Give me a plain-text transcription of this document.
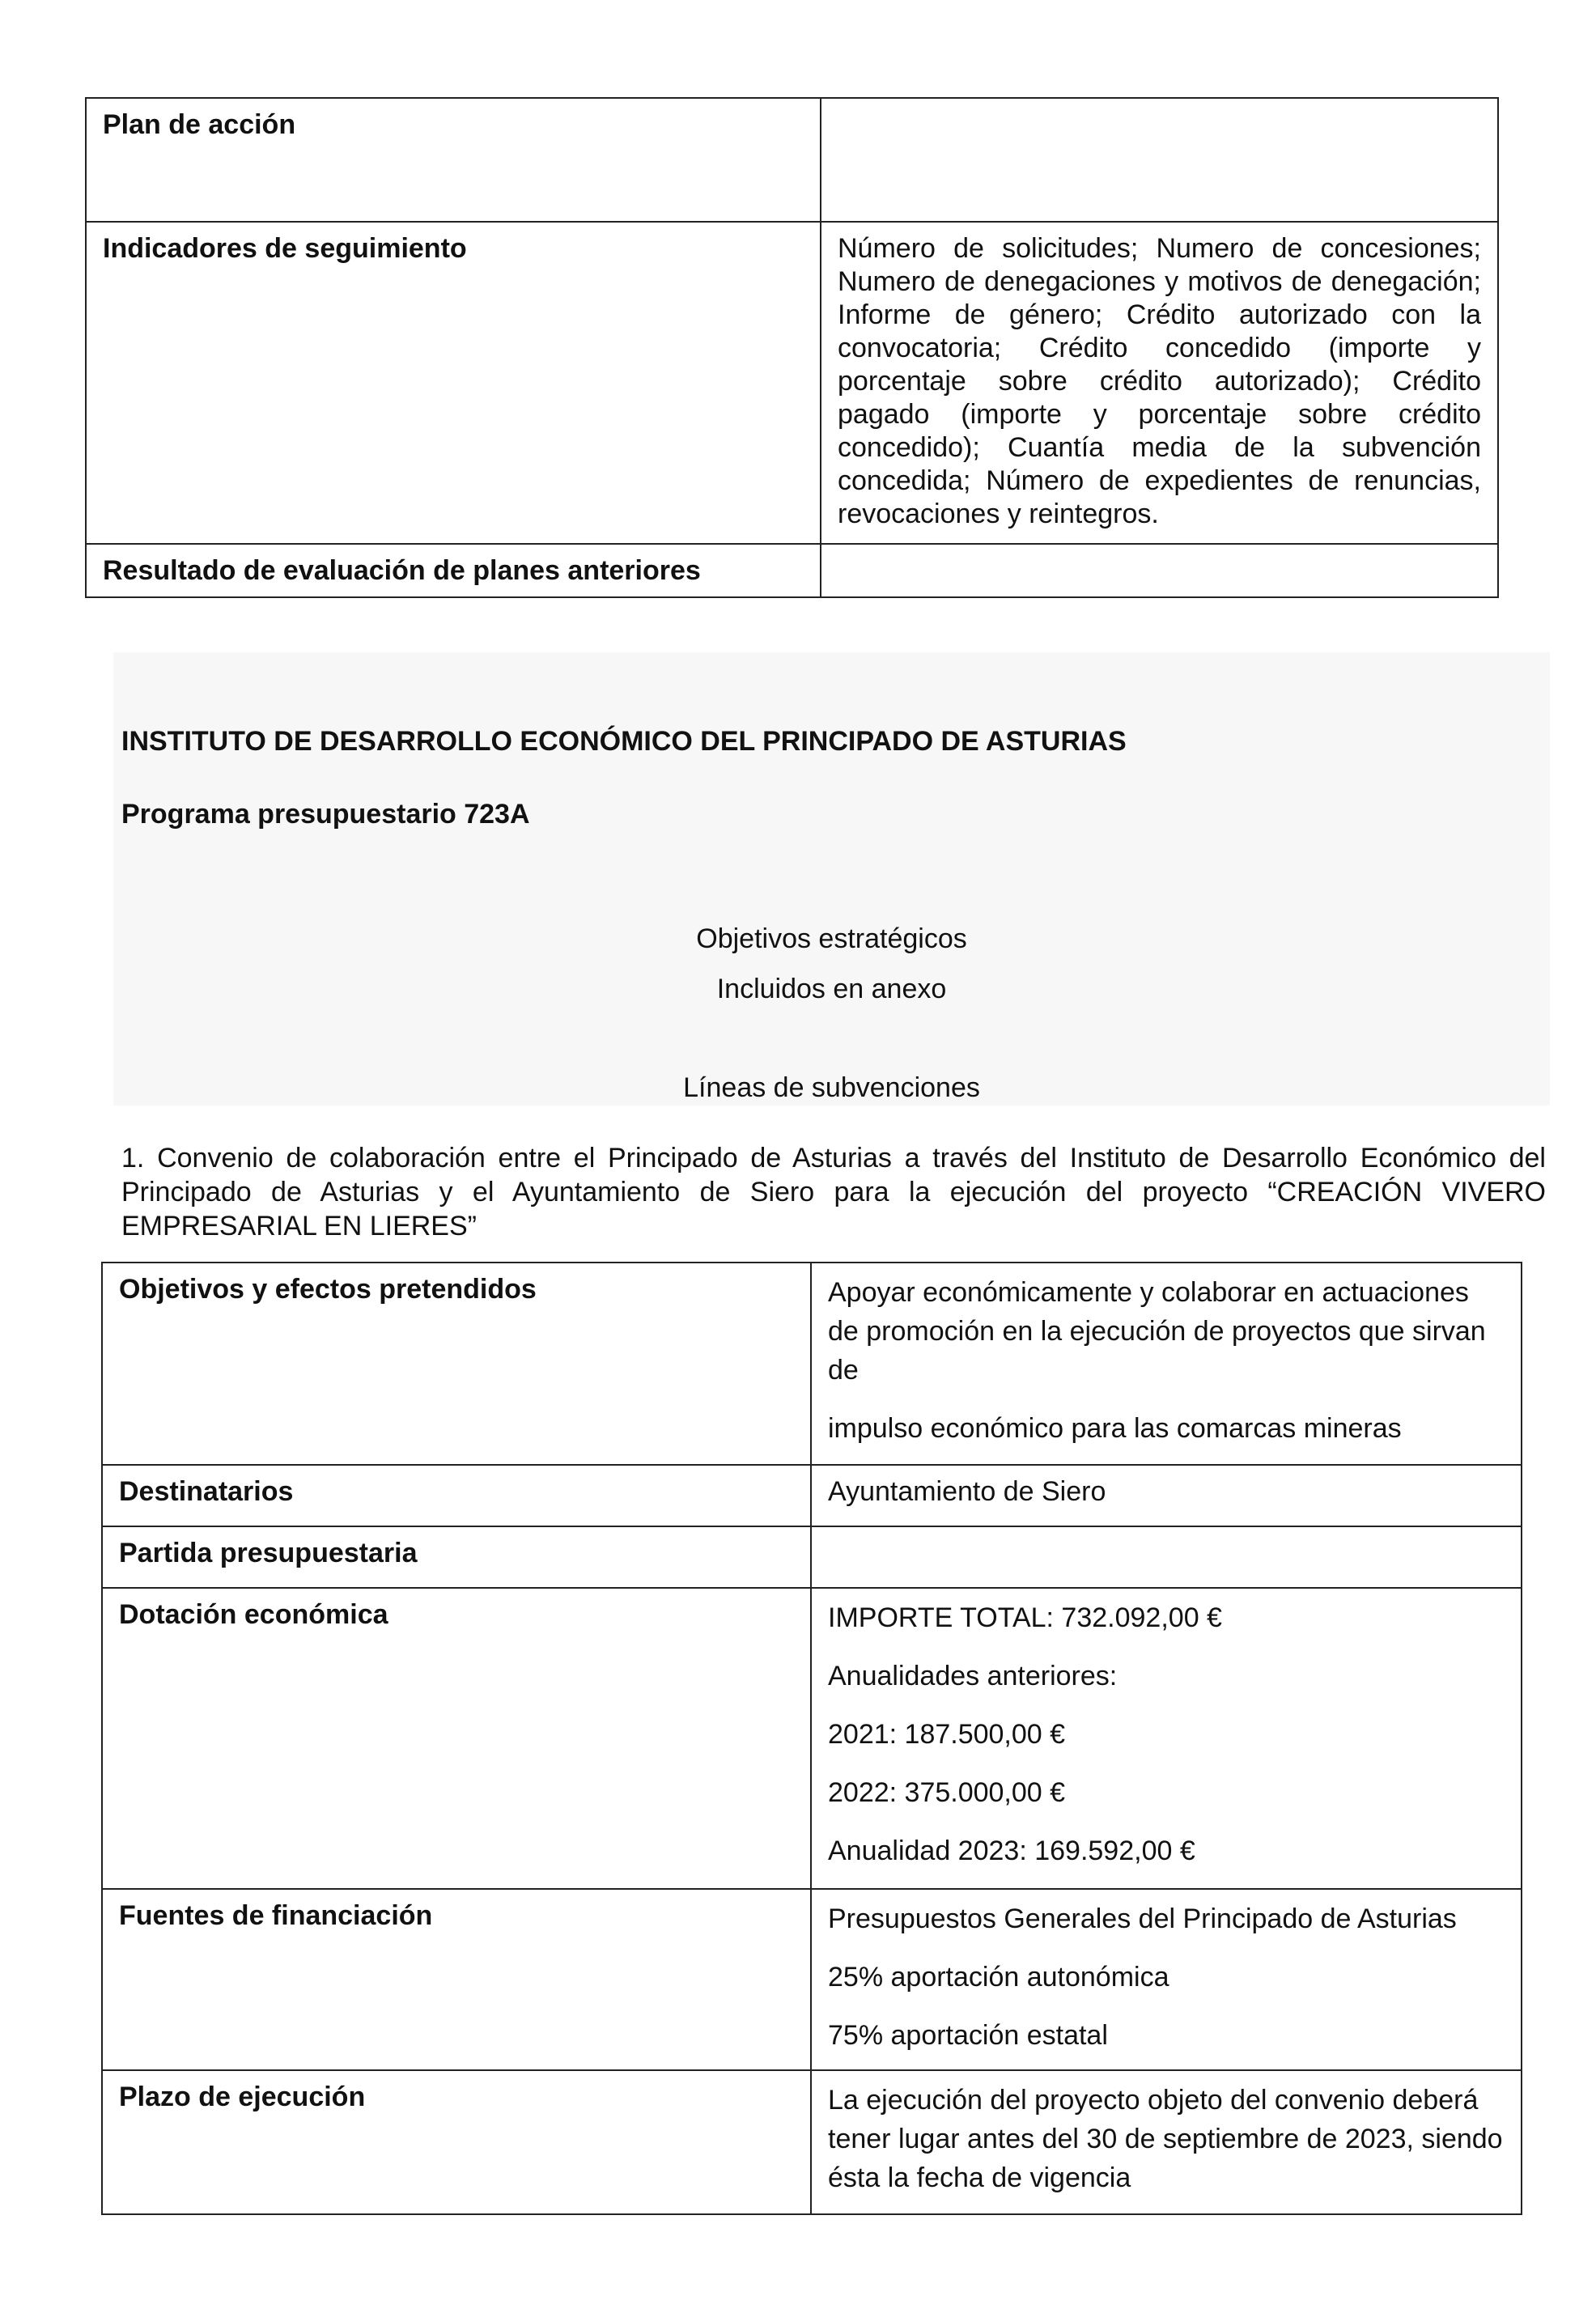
Plan de acción	
Indicadores de seguimiento	Número de solicitudes; Numero de concesiones; Numero de denegaciones y motivos de denegación; Informe de género; Crédito autorizado con la convocatoria; Crédito concedido (importe y porcentaje sobre crédito autorizado); Crédito pagado (importe y porcentaje sobre crédito concedido); Cuantía media de la subvención concedida; Número de expedientes de renuncias, revocaciones y reintegros.
Resultado de evaluación de planes anteriores	

INSTITUTO DE DESARROLLO ECONÓMICO DEL PRINCIPADO DE ASTURIAS

Programa presupuestario 723A

Objetivos estratégicos

Incluidos en anexo

Líneas de subvenciones

1. Convenio de colaboración entre el Principado de Asturias a través del Instituto de Desarrollo Económico del Principado de Asturias y el Ayuntamiento de Siero para la ejecución del proyecto “CREACIÓN VIVERO EMPRESARIAL EN LIERES”

Objetivos y efectos pretendidos	Apoyar económicamente y colaborar en actuaciones de promoción en la ejecución de proyectos que sirvan de

impulso económico para las comarcas mineras

Destinatarios	Ayuntamiento de Siero
Partida presupuestaria	
Dotación económica	IMPORTE TOTAL: 732.092,00 €

Anualidades anteriores:

2021: 187.500,00 €

2022: 375.000,00 €

Anualidad 2023: 169.592,00 €

Fuentes de financiación	Presupuestos Generales del Principado de Asturias

25% aportación autonómica

75% aportación estatal

Plazo de ejecución	La ejecución del proyecto objeto del convenio deberá tener lugar antes del 30 de septiembre de 2023, siendo ésta la fecha de vigencia
